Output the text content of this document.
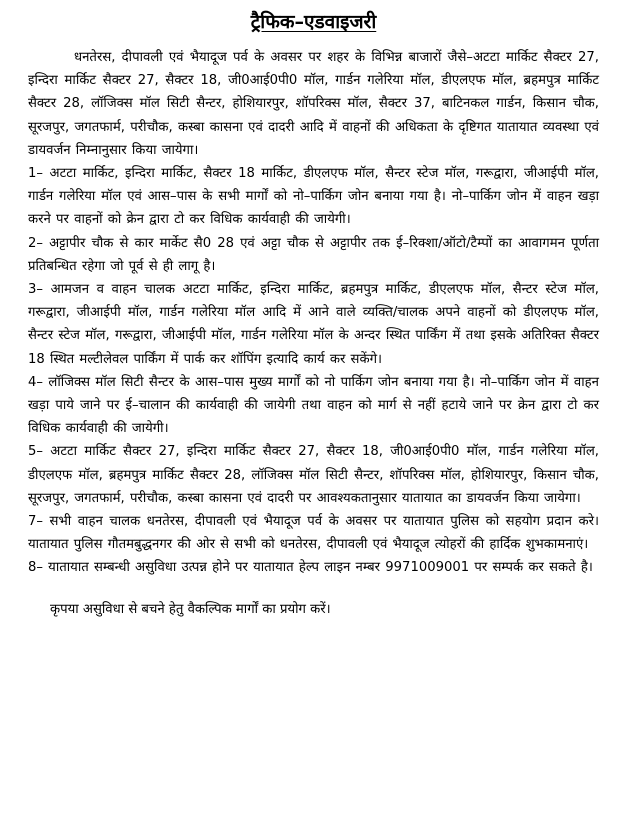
ट्रैफिक–एडवाइजरी

धनतेरस, दीपावली एवं भैयादूज पर्व के अवसर पर शहर के विभिन्न बाजारों जैसे–अटटा मार्किट सैक्टर 27, इन्दिरा मार्किट सैक्टर 27, सैक्टर 18, जी0आई0पी0 मॉल, गार्डन गलेरिया मॉल, डीएलएफ मॉल, ब्रहमपुत्र मार्किट सैक्टर 28, लॉजिक्स मॉल सिटी सैन्टर, होशियारपुर, शॉपरिक्स मॉल, सैक्टर 37, बाटिनकल गार्डन, किसान चौक, सूरजपुर, जगतफार्म, परीचौक, कस्बा कासना एवं दादरी आदि में वाहनों की अधिकता के दृष्टिगत यातायात व्यवस्था एवं डायवर्जन निम्नानुसार किया जायेगा।

1– अटटा मार्किट, इन्दिरा मार्किट, सैक्टर 18 मार्किट, डीएलएफ मॉल, सैन्टर स्टेज मॉल, गरूद्वारा, जीआईपी मॉल, गार्डन गलेरिया मॉल एवं आस–पास के सभी मार्गों को नो–पार्किग जोन बनाया गया है। नो–पार्किग जोन में वाहन खड़ा करने पर वाहनों को क्रेन द्वारा टो कर विधिक कार्यवाही की जायेगी।

2– अट्टापीर चौक से कार मार्केट सै0 28 एवं अट्टा चौक से अट्टापीर तक ई–रिक्शा/ऑटो/टैम्पों का आवागमन पूर्णता प्रतिबन्धित रहेगा जो पूर्व से ही लागू है।

3– आमजन व वाहन चालक अटटा मार्किट, इन्दिरा मार्किट, ब्रहमपुत्र मार्किट, डीएलएफ मॉल, सैन्टर स्टेज मॉल, गरूद्वारा, जीआईपी मॉल, गार्डन गलेरिया मॉल आदि में आने वाले व्यक्ति/चालक अपने वाहनों को डीएलएफ मॉल, सैन्टर स्टेज मॉल, गरूद्वारा, जीआईपी मॉल, गार्डन गलेरिया मॉल के अन्दर स्थित पार्किंग में तथा इसके अतिरिक्त सैक्टर 18 स्थित मल्टीलेवल पार्किंग में पार्क कर शॉपिंग इत्यादि कार्य कर सकेंगे।

4– लॉजिक्स मॉल सिटी सैन्टर के आस–पास मुख्य मार्गों को नो पार्किग जोन बनाया गया है। नो–पार्किग जोन में वाहन खड़ा पाये जाने पर ई–चालान की कार्यवाही की जायेगी तथा वाहन को मार्ग से नहीं हटाये जाने पर क्रेन द्वारा टो कर विधिक कार्यवाही की जायेगी।

5– अटटा मार्किट सैक्टर 27, इन्दिरा मार्किट सैक्टर 27, सैक्टर 18, जी0आई0पी0 मॉल, गार्डन गलेरिया मॉल, डीएलएफ मॉल, ब्रहमपुत्र मार्किट सैक्टर 28, लॉजिक्स मॉल सिटी सैन्टर, शॉपरिक्स मॉल, होशियारपुर, किसान चौक, सूरजपुर, जगतफार्म, परीचौक, कस्बा कासना एवं दादरी पर आवश्यकतानुसार यातायात का डायवर्जन किया जायेगा।

7– सभी वाहन चालक धनतेरस, दीपावली एवं भैयादूज पर्व के अवसर पर यातायात पुलिस को सहयोग प्रदान करे। यातायात पुलिस गौतमबुद्धनगर की ओर से सभी को धनतेरस, दीपावली एवं भैयादूज त्योहरों की हार्दिक शुभकामनाएं।

8– यातायात सम्बन्धी असुविधा उत्पन्न होने पर यातायात हेल्प लाइन नम्बर 9971009001 पर सम्पर्क कर सकते है।

कृपया असुविधा से बचने हेतु वैकल्पिक मार्गों का प्रयोग करें।
